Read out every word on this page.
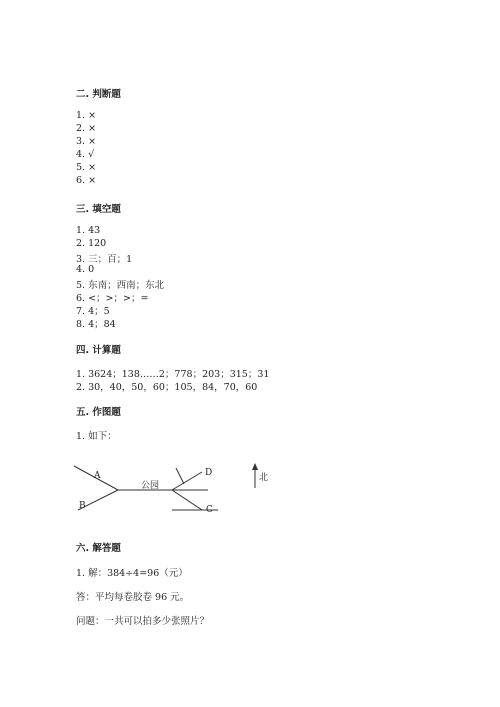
二. 判断题
1. ×
2. ×
3. ×
4. √
5. ×
6. ×
三. 填空题
1. 43
2. 120
3. 三；百；1
4. 0
5. 东南；西南；东北
6. <；>；>；=
7. 4；5
8. 4；84
四. 计算题
1. 3624；138……2；778；203；315；31
2. 30，40，50，60；105，84，70，60
五. 作图题
1. 如下：
A
B	C
D
公园
北
六. 解答题
1. 解：384÷4=96（元）
答：平均每卷胶卷 96 元。
问题：一共可以拍多少张照片？
